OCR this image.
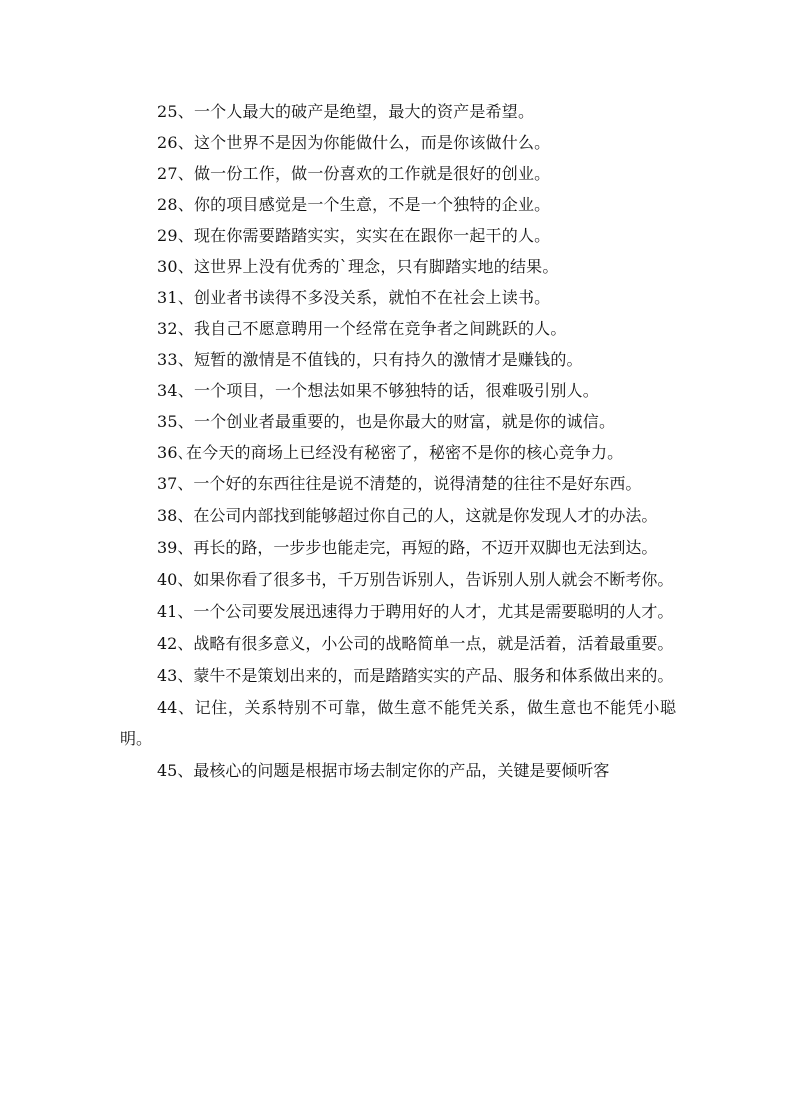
25、一个人最大的破产是绝望，最大的资产是希望。
26、这个世界不是因为你能做什么，而是你该做什么。
27、做一份工作，做一份喜欢的工作就是很好的创业。
28、你的项目感觉是一个生意，不是一个独特的企业。
29、现在你需要踏踏实实，实实在在跟你一起干的人。
30、这世界上没有优秀的`理念，只有脚踏实地的结果。
31、创业者书读得不多没关系，就怕不在社会上读书。
32、我自己不愿意聘用一个经常在竞争者之间跳跃的人。
33、短暂的激情是不值钱的，只有持久的激情才是赚钱的。
34、一个项目，一个想法如果不够独特的话，很难吸引别人。
35、一个创业者最重要的，也是你最大的财富，就是你的诚信。
36､在今天的商场上已经没有秘密了，秘密不是你的核心竞争力。
37、一个好的东西往往是说不清楚的，说得清楚的往往不是好东西。
38、在公司内部找到能够超过你自己的人，这就是你发现人才的办法。
39、再长的路，一步步也能走完，再短的路，不迈开双脚也无法到达。
40、如果你看了很多书，千万别告诉别人，告诉别人别人就会不断考你。
41、一个公司要发展迅速得力于聘用好的人才，尤其是需要聪明的人才。
42、战略有很多意义，小公司的战略简单一点，就是活着，活着最重要。
43、蒙牛不是策划出来的，而是踏踏实实的产品、服务和体系做出来的。
44、记住，关系特别不可靠，做生意不能凭关系，做生意也不能凭小聪明。
45、最核心的问题是根据市场去制定你的产品，关键是要倾听客
